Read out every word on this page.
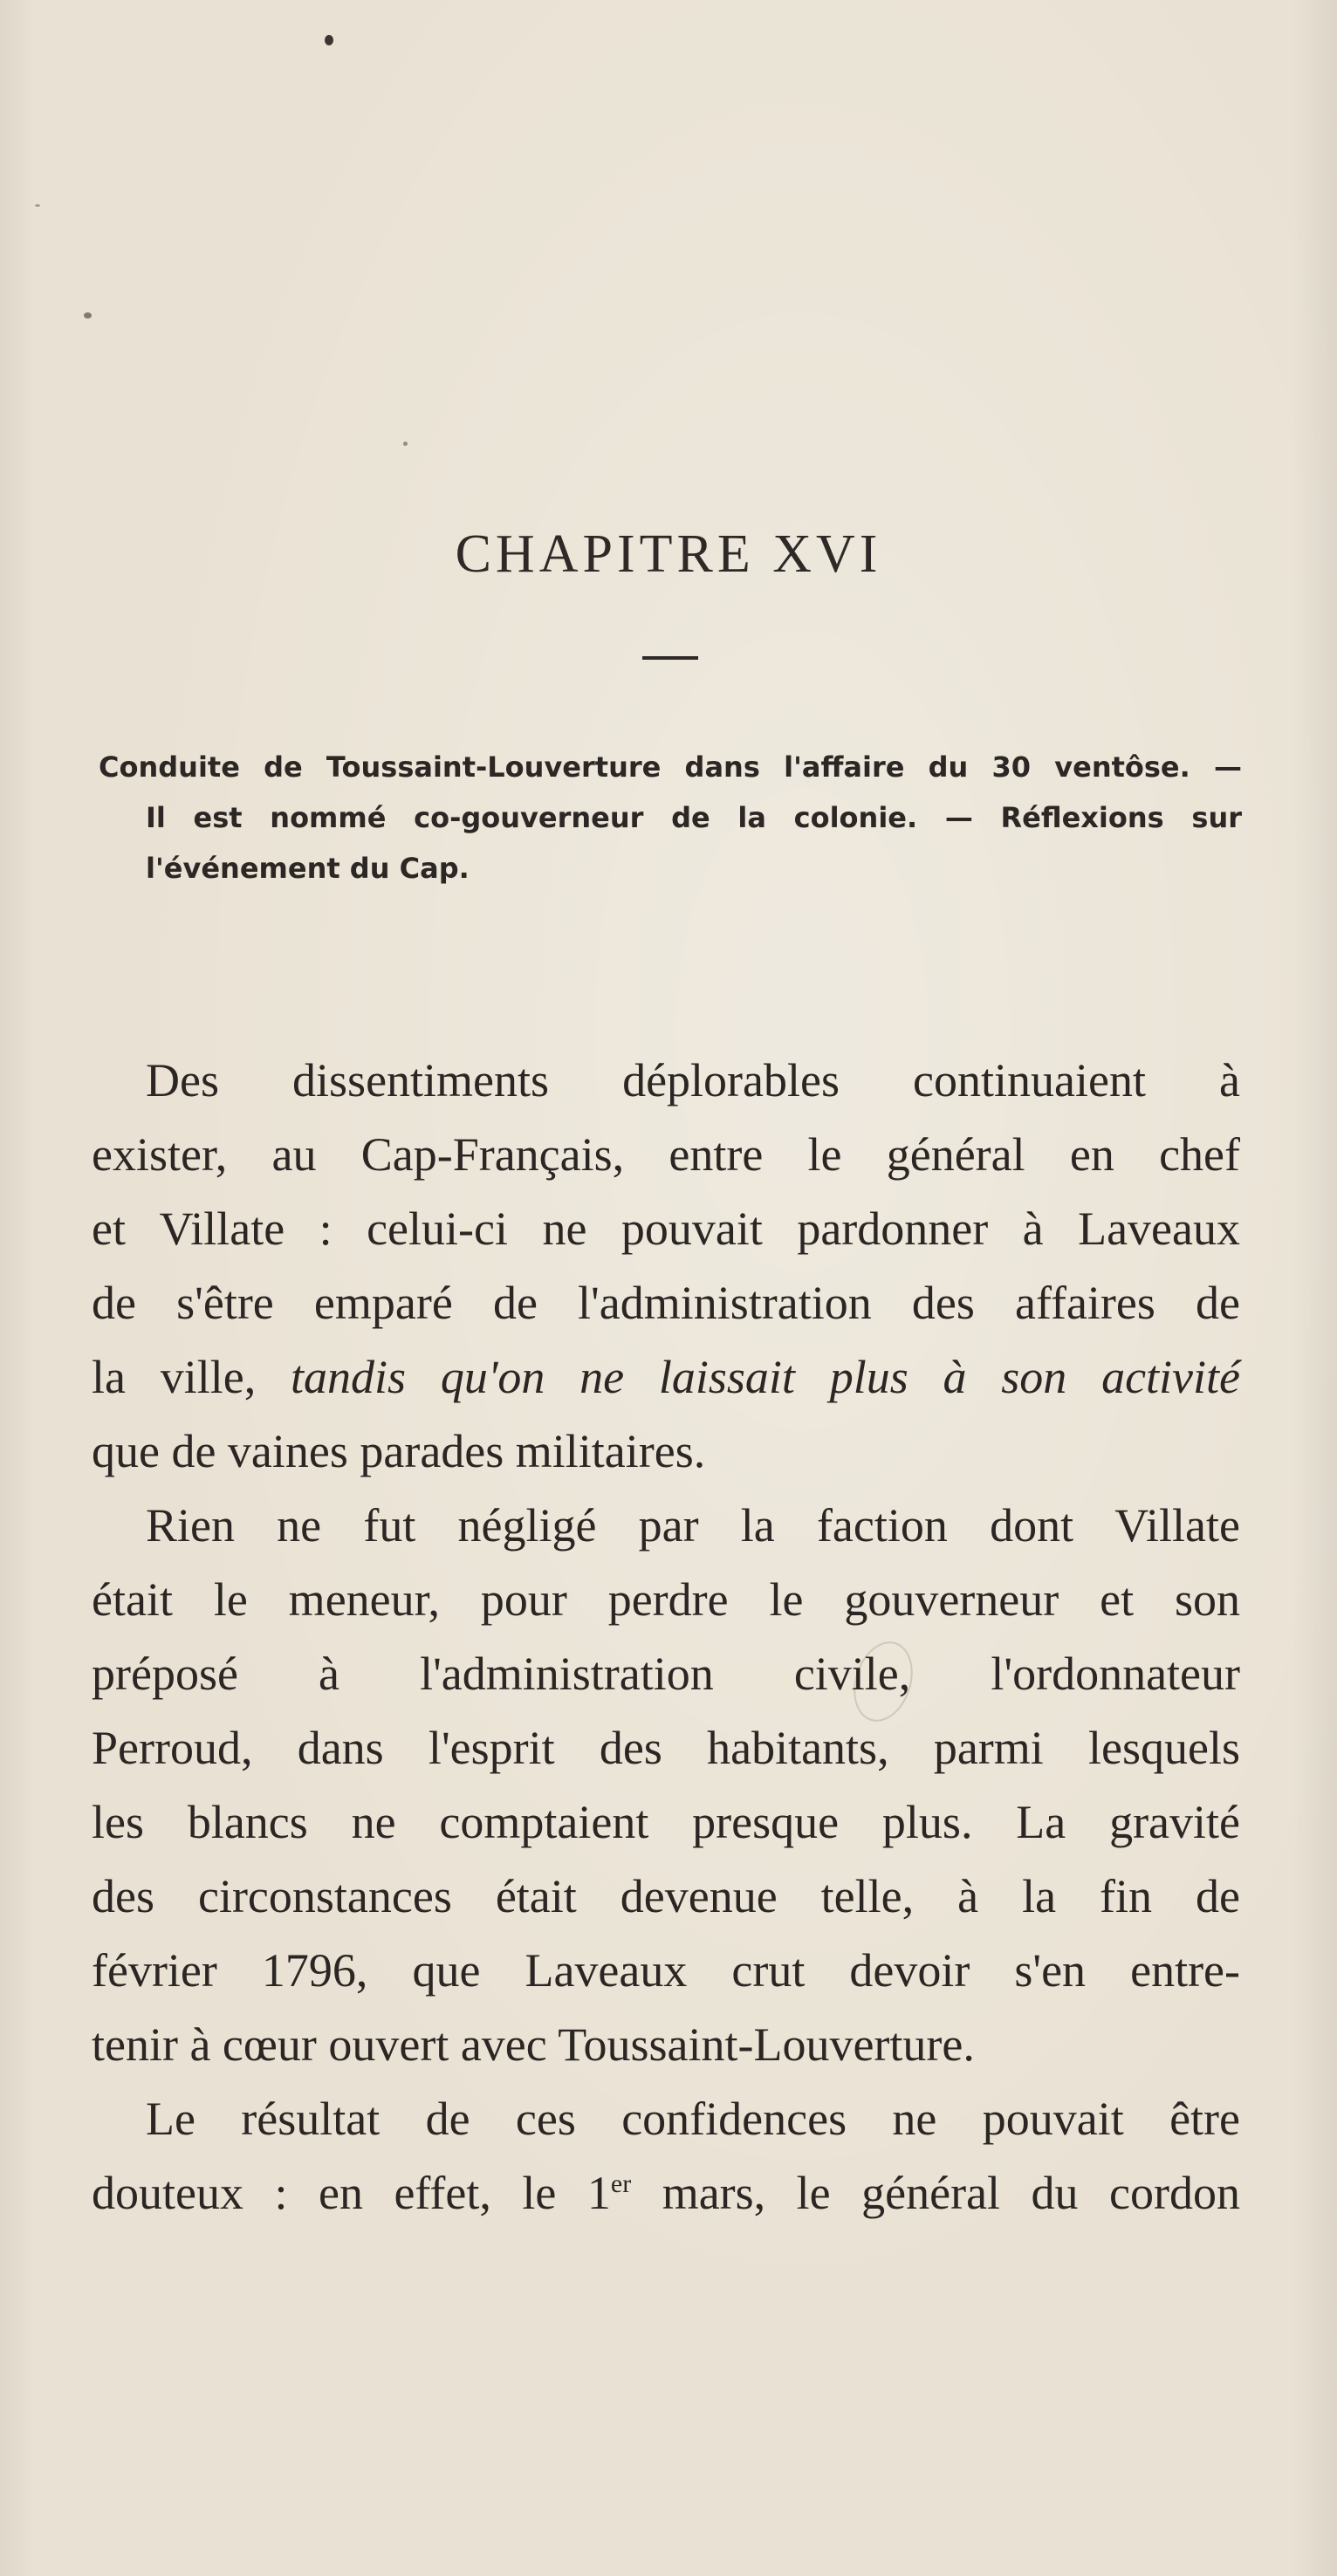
CHAPITRE XVI
Conduite de Toussaint-Louverture dans l'affaire du 30 ventôse. —
Il est nommé co-gouverneur de la colonie. — Réflexions sur
l'événement du Cap.
Des dissentiments déplorables continuaient à
exister, au Cap-Français, entre le général en chef
et Villate : celui-ci ne pouvait pardonner à Laveaux
de s'être emparé de l'administration des affaires de
la ville, tandis qu'on ne laissait plus à son activité
que de vaines parades militaires.
Rien ne fut négligé par la faction dont Villate
était le meneur, pour perdre le gouverneur et son
préposé à l'administration civile, l'ordonnateur
Perroud, dans l'esprit des habitants, parmi lesquels
les blancs ne comptaient presque plus. La gravité
des circonstances était devenue telle, à la fin de
février 1796, que Laveaux crut devoir s'en entre-
tenir à cœur ouvert avec Toussaint-Louverture.
Le résultat de ces confidences ne pouvait être
douteux : en effet, le 1er mars, le général du cordon
